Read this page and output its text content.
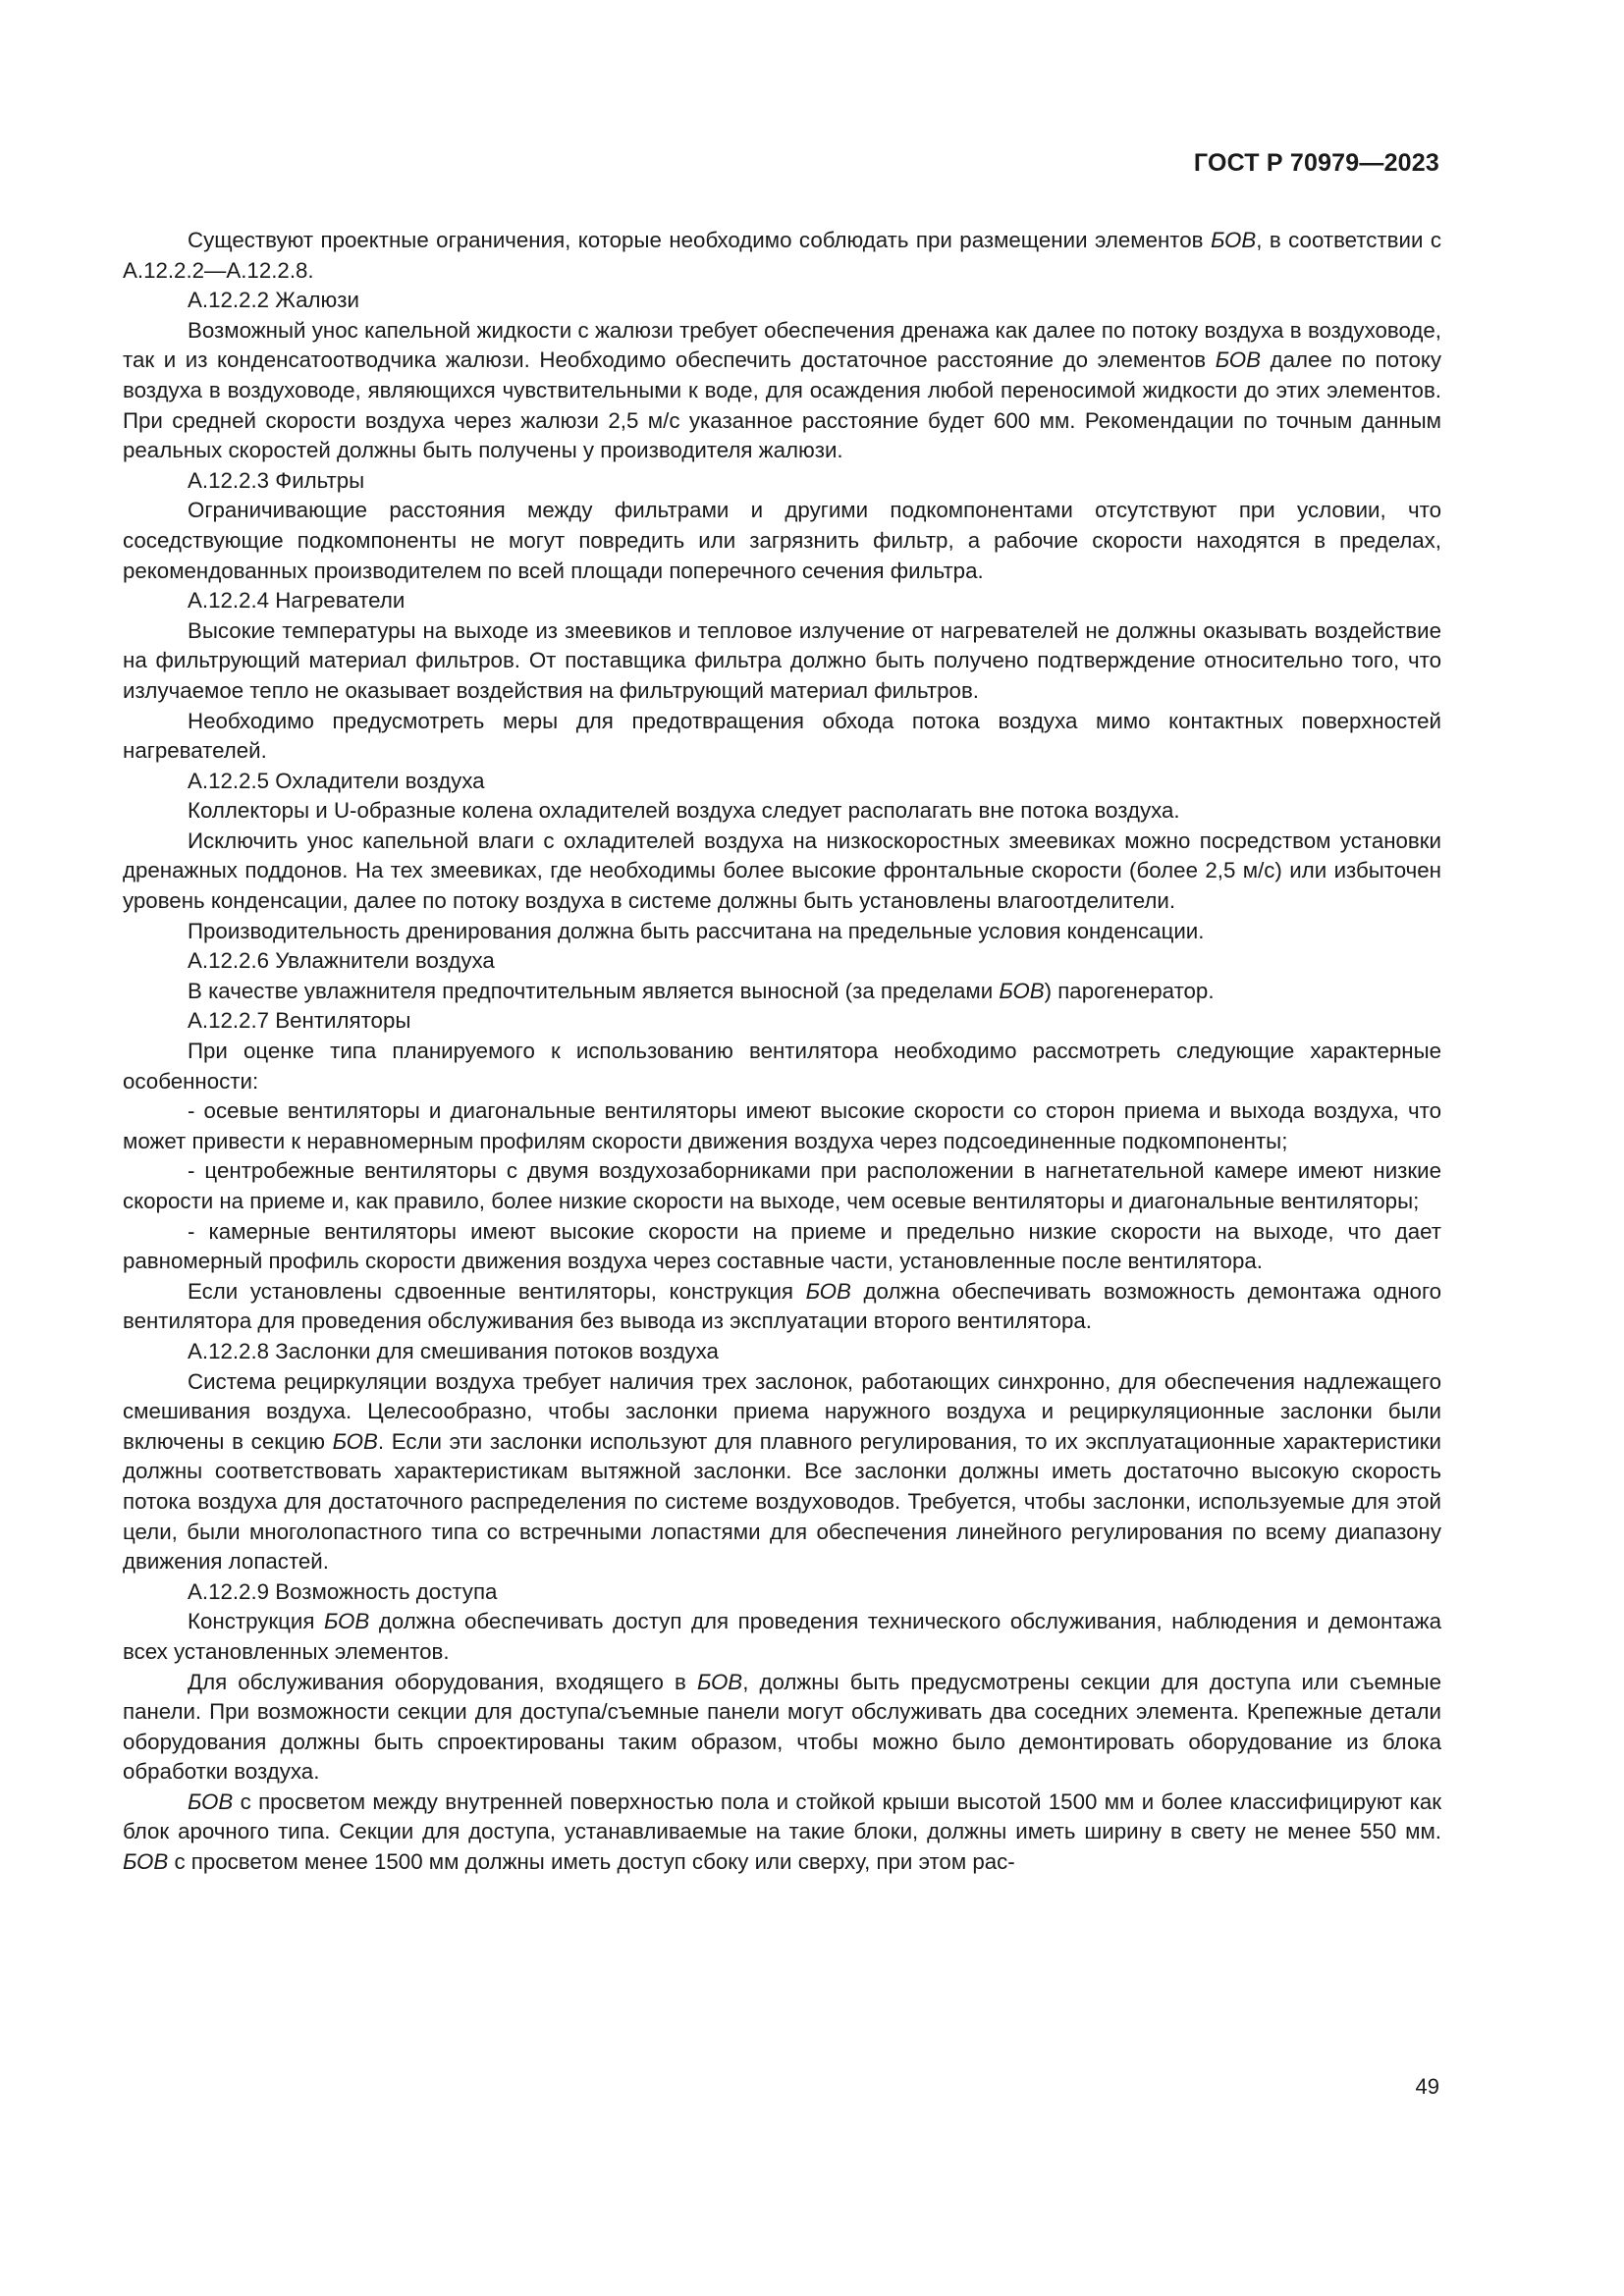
ГОСТ Р 70979—2023

Существуют проектные ограничения, которые необходимо соблюдать при размещении элементов БОВ, в соответствии с А.12.2.2—А.12.2.8.

А.12.2.2 Жалюзи

Возможный унос капельной жидкости с жалюзи требует обеспечения дренажа как далее по потоку воздуха в воздуховоде, так и из конденсатоотводчика жалюзи. Необходимо обеспечить достаточное расстояние до элементов БОВ далее по потоку воздуха в воздуховоде, являющихся чувствительными к воде, для осаждения любой переносимой жидкости до этих элементов. При средней скорости воздуха через жалюзи 2,5 м/с указанное расстояние будет 600 мм. Рекомендации по точным данным реальных скоростей должны быть получены у производителя жалюзи.

А.12.2.3 Фильтры

Ограничивающие расстояния между фильтрами и другими подкомпонентами отсутствуют при условии, что соседствующие подкомпоненты не могут повредить или загрязнить фильтр, а рабочие скорости находятся в пределах, рекомендованных производителем по всей площади поперечного сечения фильтра.

А.12.2.4 Нагреватели

Высокие температуры на выходе из змеевиков и тепловое излучение от нагревателей не должны оказывать воздействие на фильтрующий материал фильтров. От поставщика фильтра должно быть получено подтверждение относительно того, что излучаемое тепло не оказывает воздействия на фильтрующий материал фильтров.

Необходимо предусмотреть меры для предотвращения обхода потока воздуха мимо контактных поверхностей нагревателей.

А.12.2.5 Охладители воздуха

Коллекторы и U-образные колена охладителей воздуха следует располагать вне потока воздуха.

Исключить унос капельной влаги с охладителей воздуха на низкоскоростных змеевиках можно посредством установки дренажных поддонов. На тех змеевиках, где необходимы более высокие фронтальные скорости (более 2,5 м/с) или избыточен уровень конденсации, далее по потоку воздуха в системе должны быть установлены влагоотделители.

Производительность дренирования должна быть рассчитана на предельные условия конденсации.

А.12.2.6 Увлажнители воздуха

В качестве увлажнителя предпочтительным является выносной (за пределами БОВ) парогенератор.

А.12.2.7 Вентиляторы

При оценке типа планируемого к использованию вентилятора необходимо рассмотреть следующие характерные особенности:

- осевые вентиляторы и диагональные вентиляторы имеют высокие скорости со сторон приема и выхода воздуха, что может привести к неравномерным профилям скорости движения воздуха через подсоединенные подкомпоненты;

- центробежные вентиляторы с двумя воздухозаборниками при расположении в нагнетательной камере имеют низкие скорости на приеме и, как правило, более низкие скорости на выходе, чем осевые вентиляторы и диагональные вентиляторы;

- камерные вентиляторы имеют высокие скорости на приеме и предельно низкие скорости на выходе, что дает равномерный профиль скорости движения воздуха через составные части, установленные после вентилятора.

Если установлены сдвоенные вентиляторы, конструкция БОВ должна обеспечивать возможность демонтажа одного вентилятора для проведения обслуживания без вывода из эксплуатации второго вентилятора.

А.12.2.8 Заслонки для смешивания потоков воздуха

Система рециркуляции воздуха требует наличия трех заслонок, работающих синхронно, для обеспечения надлежащего смешивания воздуха. Целесообразно, чтобы заслонки приема наружного воздуха и рециркуляционные заслонки были включены в секцию БОВ. Если эти заслонки используют для плавного регулирования, то их эксплуатационные характеристики должны соответствовать характеристикам вытяжной заслонки. Все заслонки должны иметь достаточно высокую скорость потока воздуха для достаточного распределения по системе воздуховодов. Требуется, чтобы заслонки, используемые для этой цели, были многолопастного типа со встречными лопастями для обеспечения линейного регулирования по всему диапазону движения лопастей.

А.12.2.9 Возможность доступа

Конструкция БОВ должна обеспечивать доступ для проведения технического обслуживания, наблюдения и демонтажа всех установленных элементов.

Для обслуживания оборудования, входящего в БОВ, должны быть предусмотрены секции для доступа или съемные панели. При возможности секции для доступа/съемные панели могут обслуживать два соседних элемента. Крепежные детали оборудования должны быть спроектированы таким образом, чтобы можно было демонтировать оборудование из блока обработки воздуха.

БОВ с просветом между внутренней поверхностью пола и стойкой крыши высотой 1500 мм и более классифицируют как блок арочного типа. Секции для доступа, устанавливаемые на такие блоки, должны иметь ширину в свету не менее 550 мм. БОВ с просветом менее 1500 мм должны иметь доступ сбоку или сверху, при этом рас-

49
